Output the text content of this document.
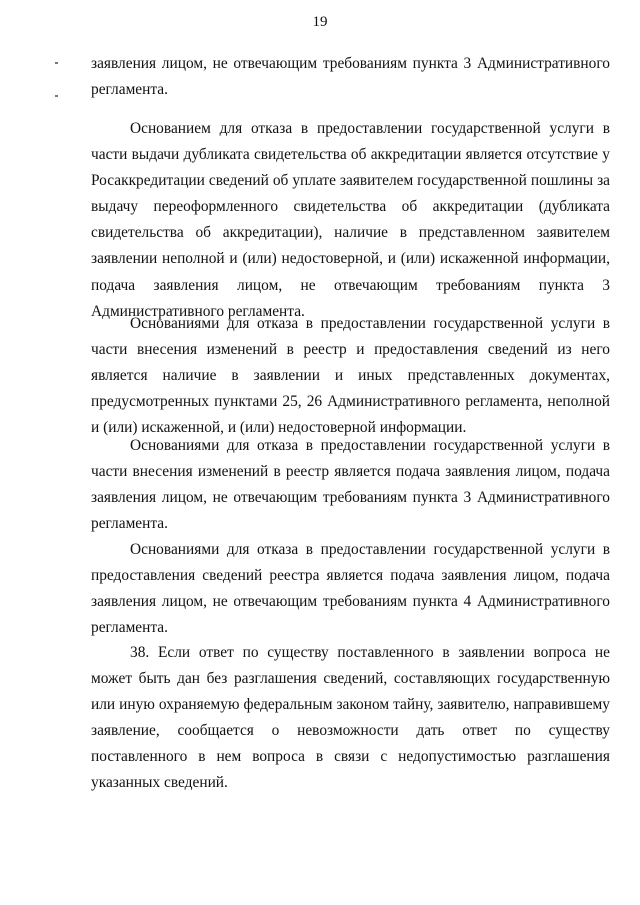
19

заявления лицом, не отвечающим требованиям пункта 3 Административного регламента.

Основанием для отказа в предоставлении государственной услуги в части выдачи дубликата свидетельства об аккредитации является отсутствие у Росаккредитации сведений об уплате заявителем государственной пошлины за выдачу переоформленного свидетельства об аккредитации (дубликата свидетельства об аккредитации), наличие в представленном заявителем заявлении неполной и (или) недостоверной, и (или) искаженной информации, подача заявления лицом, не отвечающим требованиям пункта 3 Административного регламента.

Основаниями для отказа в предоставлении государственной услуги в части внесения изменений в реестр и предоставления сведений из него является наличие в заявлении и иных представленных документах, предусмотренных пунктами 25, 26 Административного регламента, неполной и (или) искаженной, и (или) недостоверной информации.

Основаниями для отказа в предоставлении государственной услуги в части внесения изменений в реестр является подача заявления лицом, подача заявления лицом, не отвечающим требованиям пункта 3 Административного регламента.

Основаниями для отказа в предоставлении государственной услуги в предоставления сведений реестра является подача заявления лицом, подача заявления лицом, не отвечающим требованиям пункта 4 Административного регламента.

38. Если ответ по существу поставленного в заявлении вопроса не может быть дан без разглашения сведений, составляющих государственную или иную охраняемую федеральным законом тайну, заявителю, направившему заявление, сообщается о невозможности дать ответ по существу поставленного в нем вопроса в связи с недопустимостью разглашения указанных сведений.
